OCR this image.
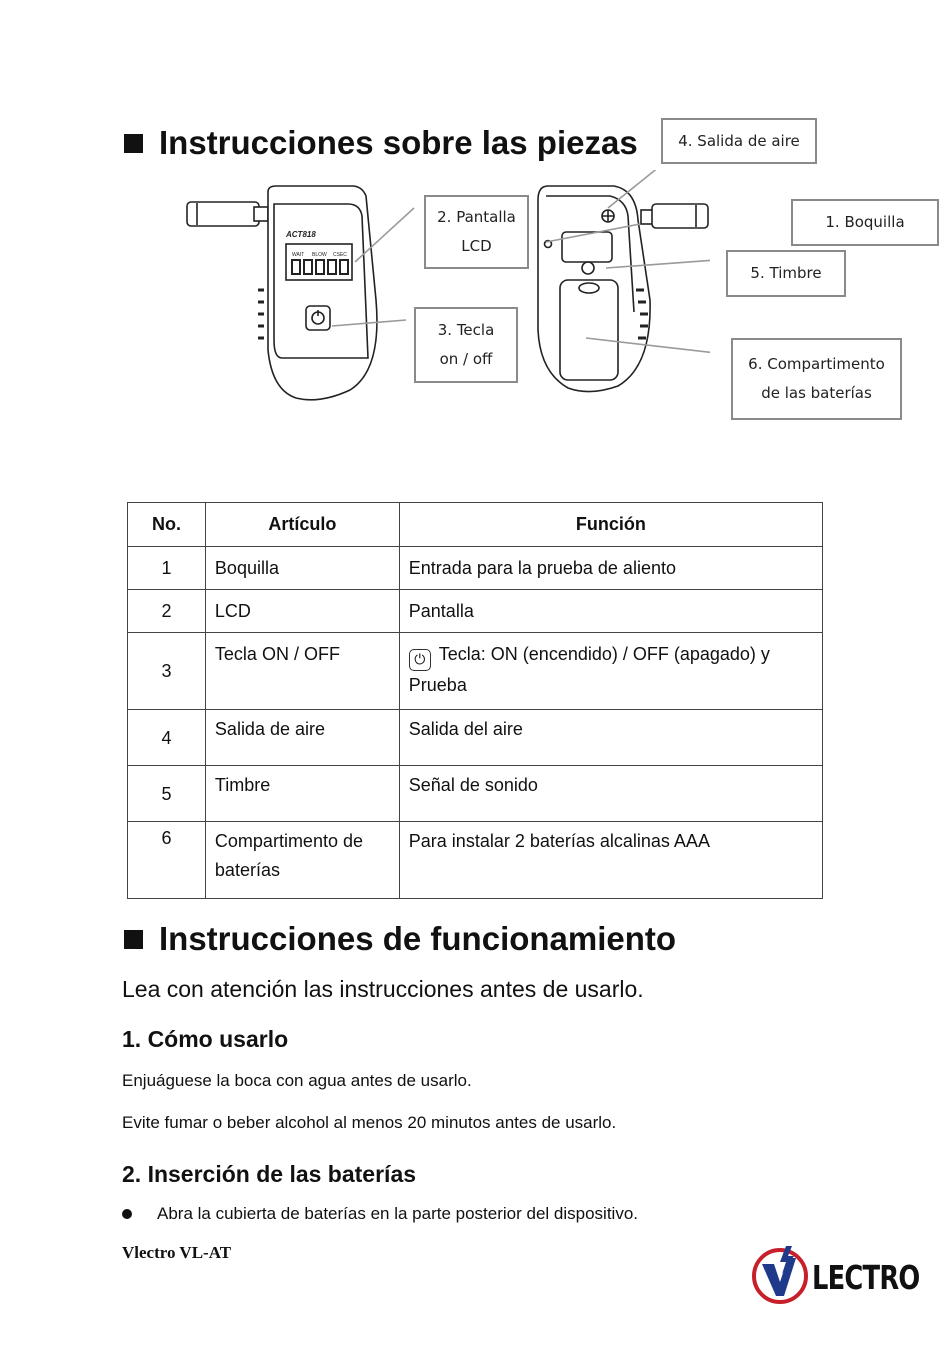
Instrucciones sobre las piezas
ACT818
WAIT BLOW CSEC
4. Salida de aire
2. Pantalla
LCD
1. Boquilla
5. Timbre
3. Tecla
on / off	6. Compartimento
de las baterías
No.	Artículo	Función
1	Boquilla	Entrada para la prueba de aliento
2	LCD	Pantalla
3	Tecla ON / OFF	⏻ Tecla: ON (encendido) / OFF (apagado) y Prueba
4	Salida de aire	Salida del aire
5	Timbre	Señal de sonido
6	Compartimento de baterías	Para instalar 2 baterías alcalinas AAA
Instrucciones de funcionamiento
Lea con atención las instrucciones antes de usarlo.
1. Cómo usarlo
Enjuáguese la boca con agua antes de usarlo.
Evite fumar o beber alcohol al menos 20 minutos antes de usarlo.
2. Inserción de las baterías
Abra la cubierta de baterías en la parte posterior del dispositivo.
Vlectro VL-AT
LECTRO
